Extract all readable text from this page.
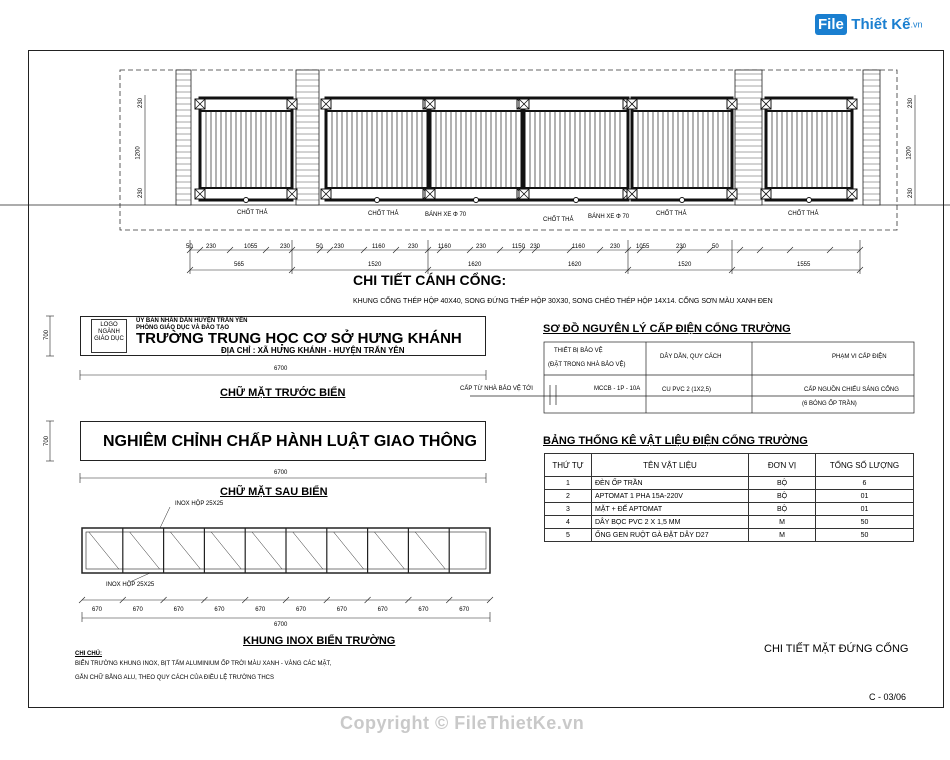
File Thiết Kế.vn
230
1200
230
230
1200
230
CHỐT THẢ	CHỐT THẢ	BÁNH XE Φ 70
CHỐT THẢ BÁNH XE Φ 70	CHỐT THẢ	CHỐT THẢ
50 230	1055	230	50 230	1160	230	1160	230	1150 230	1160	230	1055	230	50
565	1520	1620	1620	1520	1555
CHI TIẾT CÁNH CỔNG:
KHUNG CỔNG THÉP HỘP 40X40, SONG ĐỨNG THÉP HỘP 30X30, SONG CHÉO THÉP HỘP 14X14. CỔNG SƠN MÀU XANH ĐEN
LOGO NGÀNH GIÁO DỤC
ỦY BAN NHÂN DÂN HUYỆN TRẤN YÊN
PHÒNG GIÁO DỤC VÀ ĐÀO TẠO
TRƯỜNG TRUNG HỌC CƠ SỞ HƯNG KHÁNH
ĐỊA CHỈ : XÃ HƯNG KHÁNH - HUYỆN TRẤN YÊN
700
6700
CHỮ MẶT TRƯỚC BIỂN
NGHIÊM CHỈNH CHẤP HÀNH LUẬT GIAO THÔNG
700
6700
CHỮ MẶT SAU BIỂN
INOX HỘP 25X25
INOX HỘP 25X25
670	670	670	670	670	670	670	670	670	670
6700
KHUNG INOX BIỂN TRƯỜNG
CHI CHÚ:
BIỂN TRƯỜNG KHUNG INOX, BỊT TẤM ALUMINIUM ỐP TRỜI MÀU XANH - VÀNG CÁC MẶT,
GẮN CHỮ BẰNG ALU, THEO QUY CÁCH CỦA ĐIỀU LỆ TRƯỜNG THCS
SƠ ĐỒ NGUYÊN LÝ CẤP ĐIỆN CỔNG TRƯỜNG
THIẾT BỊ BẢO VỆ
(ĐẶT TRONG NHÀ BẢO VỆ)
DÂY DẪN, QUY CÁCH	PHẠM VI CẤP ĐIỆN
CẤP TỪ NHÀ BẢO VỆ TỚI	MCCB - 1P - 10A	CU PVC 2 (1X2,5)	CẤP NGUỒN CHIẾU SÁNG CỔNG
(6 BÓNG ỐP TRẦN)
BẢNG THỐNG KÊ VẬT LIỆU ĐIỆN CỔNG TRƯỜNG
THỨ TỰ	TÊN VẬT LIỆU	ĐƠN VỊ	TỔNG SỐ LƯỢNG
1	ĐÈN ỐP TRẦN	BỘ	6
2	APTOMAT 1 PHA 15A-220V	BỘ	01
3	MẶT + ĐẾ APTOMAT	BỘ	01
4	DÂY BỌC PVC 2 X 1,5 MM	M	50
5	ỐNG GEN RUỘT GÀ ĐẶT DÂY D27	M	50
CHI TIẾT MẶT ĐỨNG CỔNG
C - 03/06
Copyright © FileThietKe.vn
